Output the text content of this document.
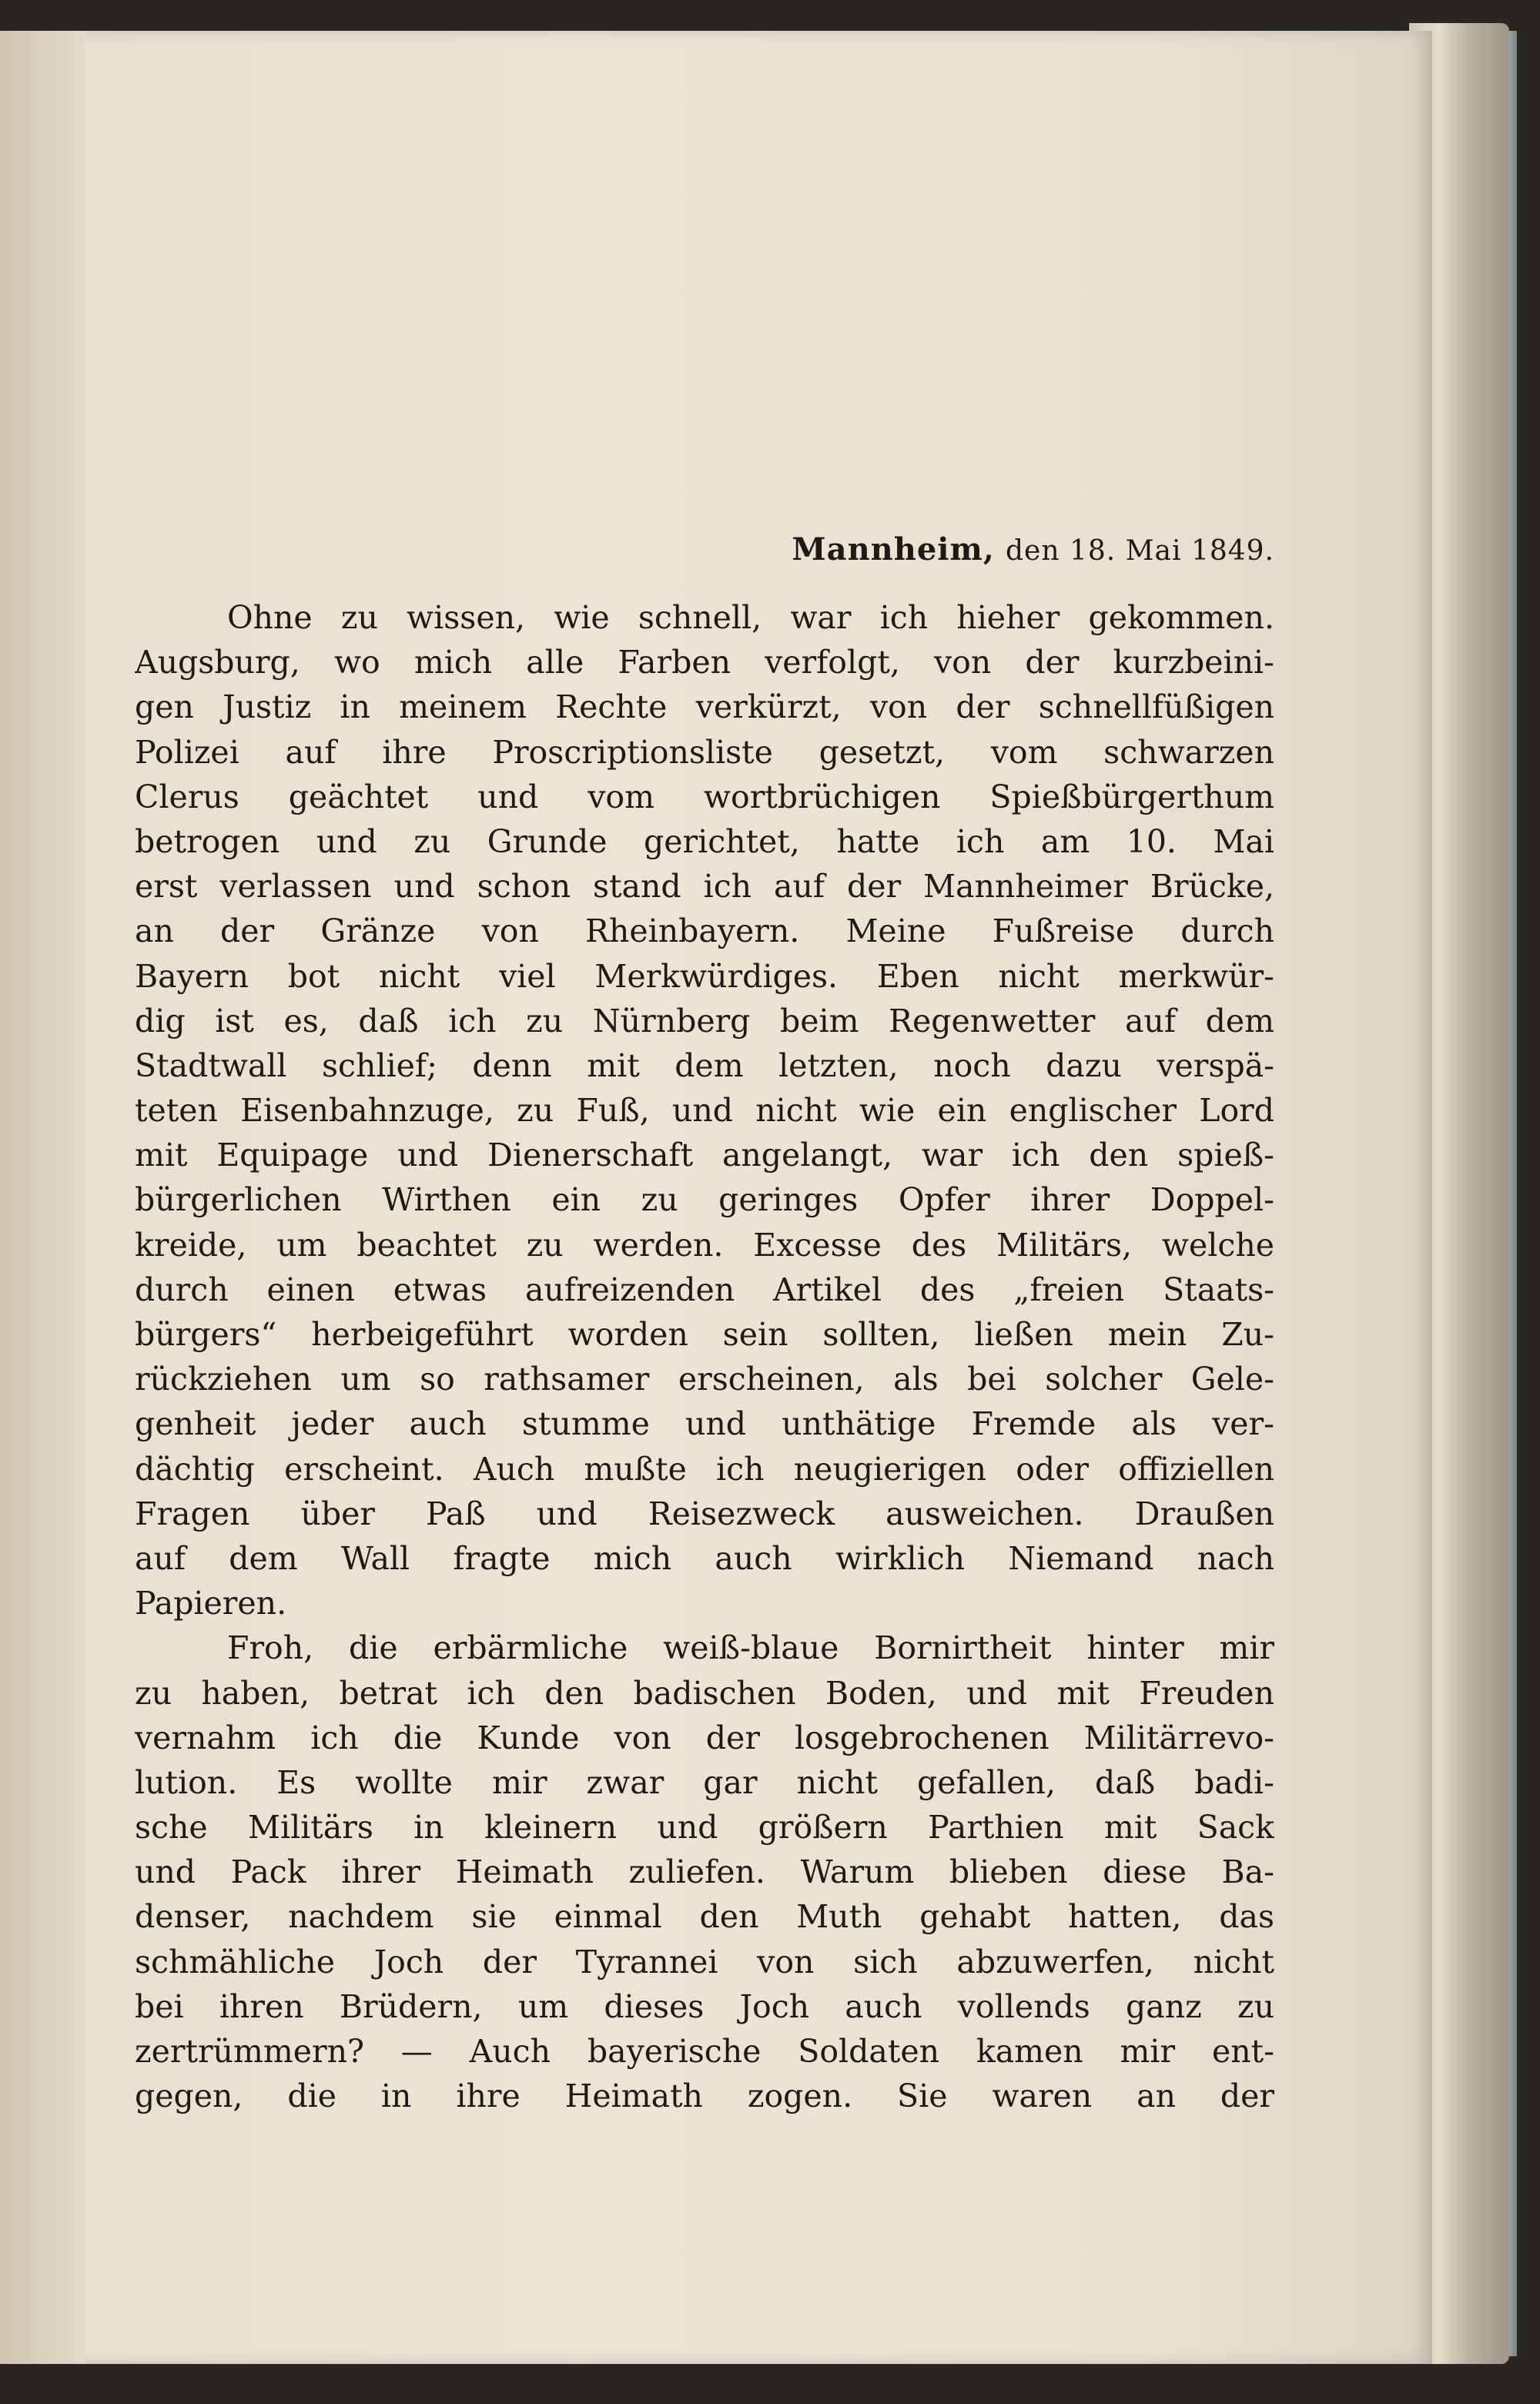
Mannheim, den 18. Mai 1849.
Ohne zu wissen, wie schnell, war ich hieher gekommen.
Augsburg, wo mich alle Farben verfolgt, von der kurzbeini-
gen Justiz in meinem Rechte verkürzt, von der schnellfüßigen
Polizei auf ihre Proscriptionsliste gesetzt, vom schwarzen
Clerus geächtet und vom wortbrüchigen Spießbürgerthum
betrogen und zu Grunde gerichtet, hatte ich am 10. Mai
erst verlassen und schon stand ich auf der Mannheimer Brücke,
an der Gränze von Rheinbayern. Meine Fußreise durch
Bayern bot nicht viel Merkwürdiges. Eben nicht merkwür-
dig ist es, daß ich zu Nürnberg beim Regenwetter auf dem
Stadtwall schlief; denn mit dem letzten, noch dazu verspä-
teten Eisenbahnzuge, zu Fuß, und nicht wie ein englischer Lord
mit Equipage und Dienerschaft angelangt, war ich den spieß-
bürgerlichen Wirthen ein zu geringes Opfer ihrer Doppel-
kreide, um beachtet zu werden. Excesse des Militärs, welche
durch einen etwas aufreizenden Artikel des „freien Staats-
bürgers“ herbeigeführt worden sein sollten, ließen mein Zu-
rückziehen um so rathsamer erscheinen, als bei solcher Gele-
genheit jeder auch stumme und unthätige Fremde als ver-
dächtig erscheint. Auch mußte ich neugierigen oder offiziellen
Fragen über Paß und Reisezweck ausweichen. Draußen
auf dem Wall fragte mich auch wirklich Niemand nach
Papieren.
Froh, die erbärmliche weiß-blaue Bornirtheit hinter mir
zu haben, betrat ich den badischen Boden, und mit Freuden
vernahm ich die Kunde von der losgebrochenen Militärrevo-
lution. Es wollte mir zwar gar nicht gefallen, daß badi-
sche Militärs in kleinern und größern Parthien mit Sack
und Pack ihrer Heimath zuliefen. Warum blieben diese Ba-
denser, nachdem sie einmal den Muth gehabt hatten, das
schmähliche Joch der Tyrannei von sich abzuwerfen, nicht
bei ihren Brüdern, um dieses Joch auch vollends ganz zu
zertrümmern? — Auch bayerische Soldaten kamen mir ent-
gegen, die in ihre Heimath zogen. Sie waren an der
